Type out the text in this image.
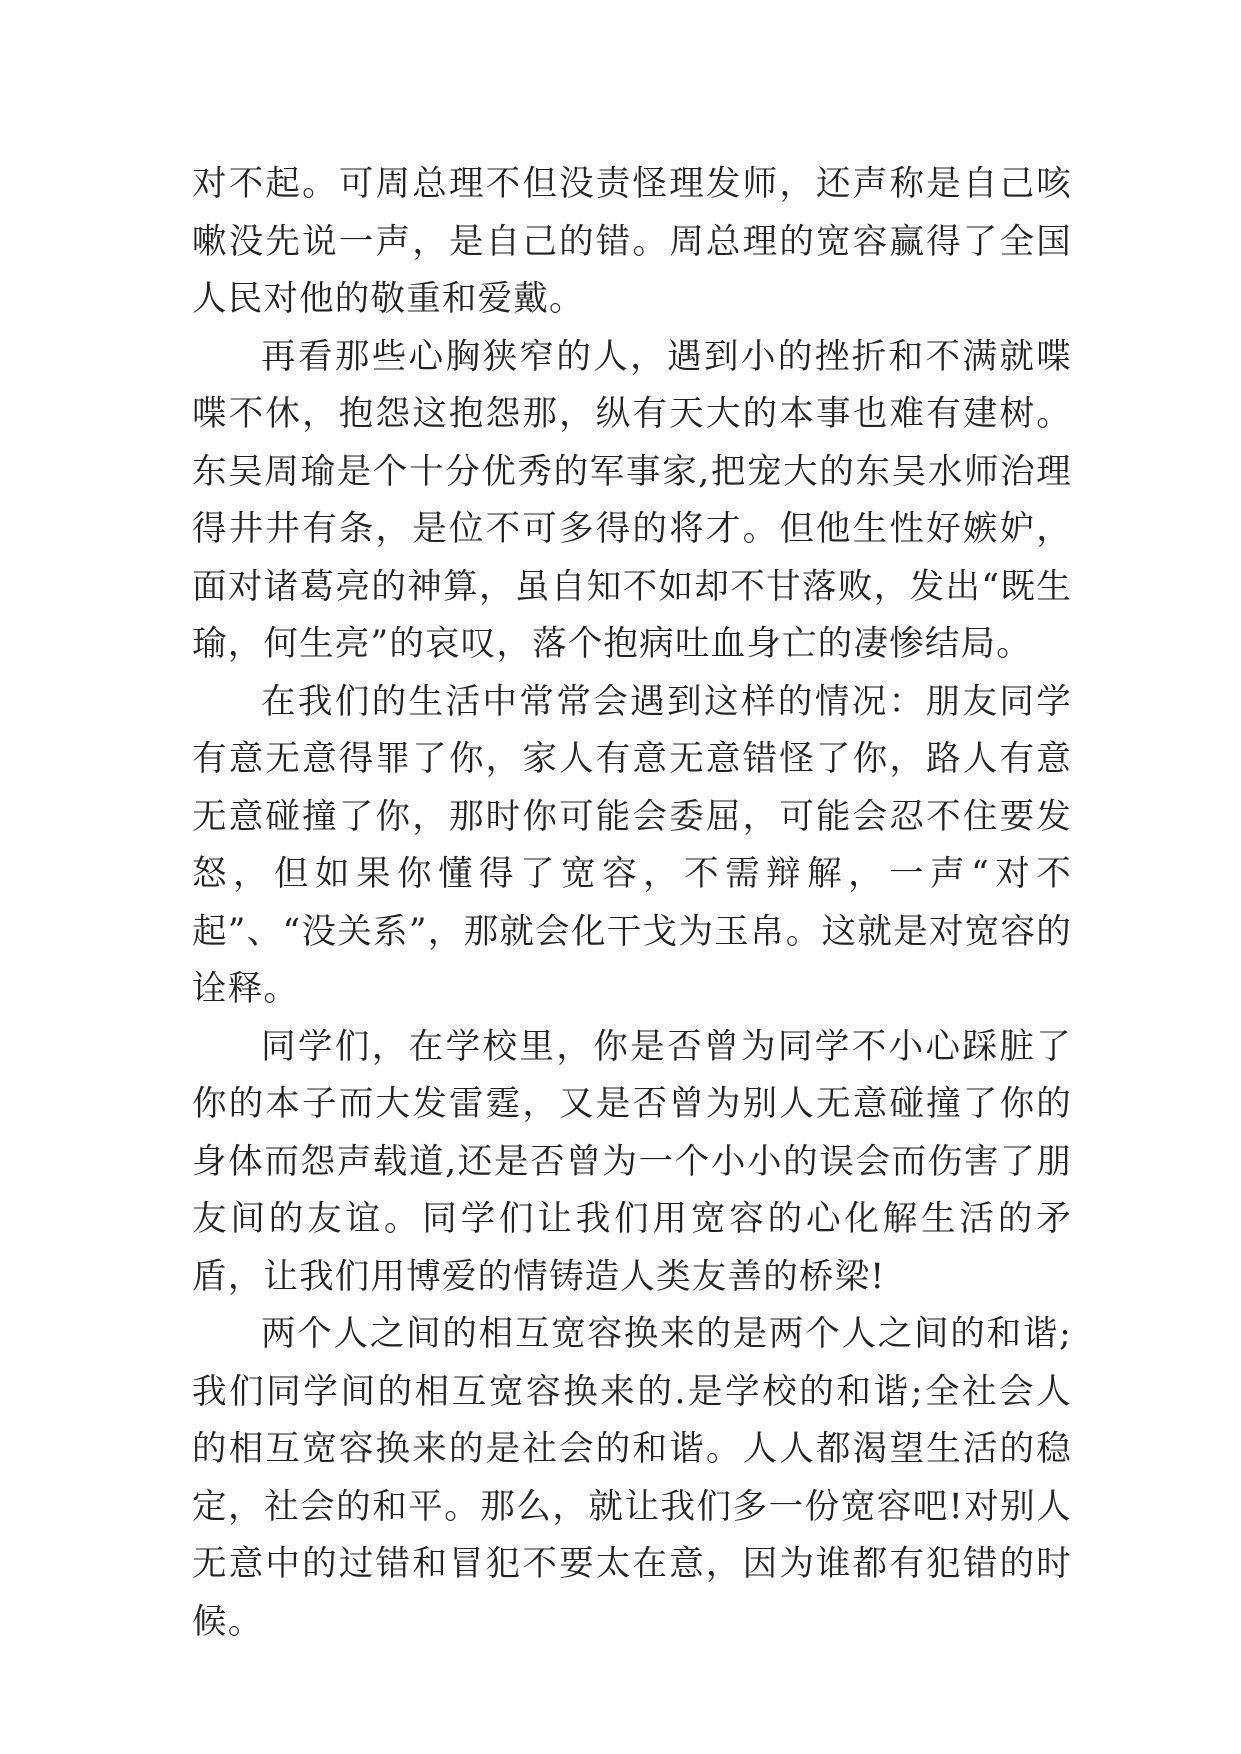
对不起。可周总理不但没责怪理发师，还声称是自己咳嗽没先说一声，是自己的错。周总理的宽容赢得了全国人民对他的敬重和爱戴。

再看那些心胸狭窄的人，遇到小的挫折和不满就喋喋不休，抱怨这抱怨那，纵有天大的本事也难有建树。东吴周瑜是个十分优秀的军事家,把宠大的东吴水师治理得井井有条，是位不可多得的将才。但他生性好嫉妒，面对诸葛亮的神算，虽自知不如却不甘落败，发出“既生瑜，何生亮”的哀叹，落个抱病吐血身亡的凄惨结局。

在我们的生活中常常会遇到这样的情况：朋友同学有意无意得罪了你，家人有意无意错怪了你，路人有意无意碰撞了你，那时你可能会委屈，可能会忍不住要发怒，但如果你懂得了宽容，不需辩解，一声“对不起”、“没关系”，那就会化干戈为玉帛。这就是对宽容的诠释。

同学们，在学校里，你是否曾为同学不小心踩脏了你的本子而大发雷霆，又是否曾为别人无意碰撞了你的身体而怨声载道,还是否曾为一个小小的误会而伤害了朋友间的友谊。同学们让我们用宽容的心化解生活的矛盾，让我们用博爱的情铸造人类友善的桥梁!

两个人之间的相互宽容换来的是两个人之间的和谐;我们同学间的相互宽容换来的.是学校的和谐;全社会人的相互宽容换来的是社会的和谐。人人都渴望生活的稳定，社会的和平。那么，就让我们多一份宽容吧!对别人无意中的过错和冒犯不要太在意，因为谁都有犯错的时候。
